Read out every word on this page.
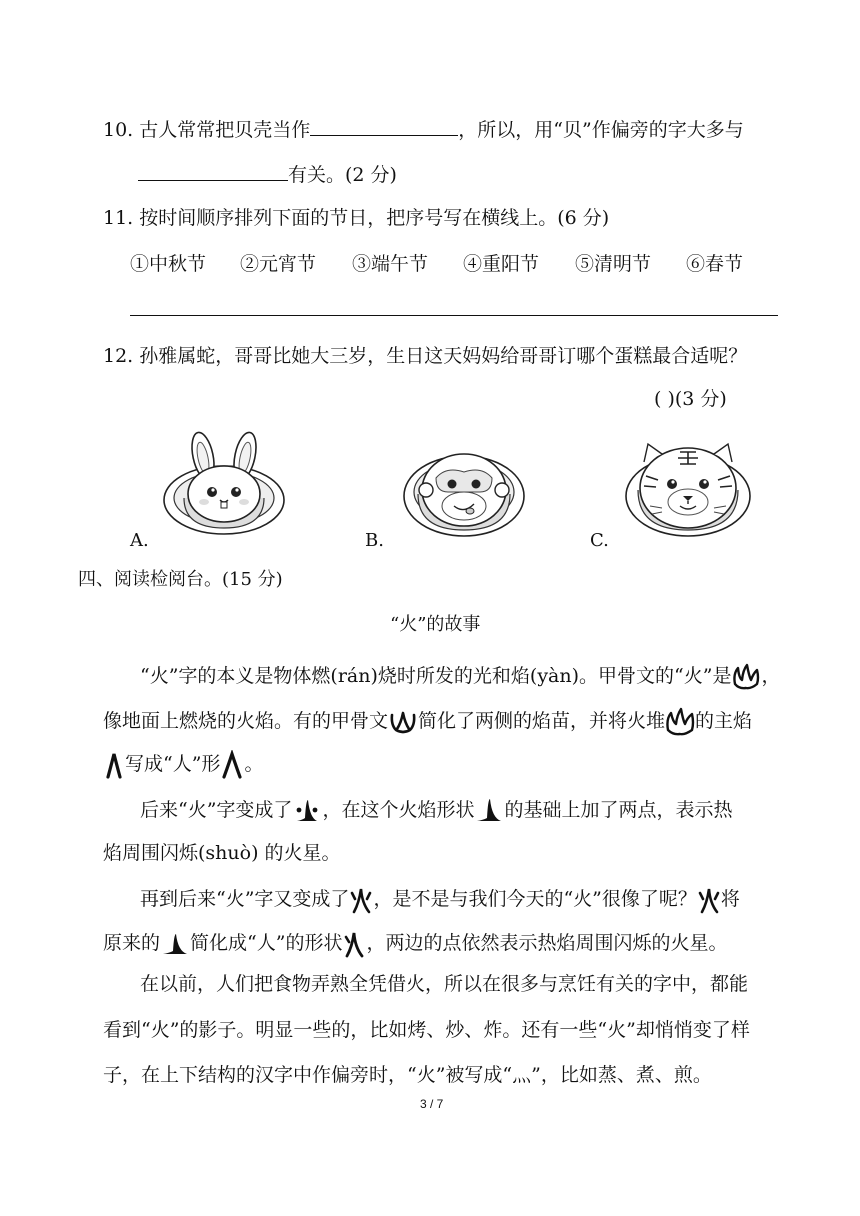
10. 古人常常把贝壳当作	，所以，用“贝”作偏旁的字大多与
有关。(2 分)
11. 按时间顺序排列下面的节日，把序号写在横线上。(6 分)
①中秋节 ②元宵节 ③端午节 ④重阳节 ⑤清明节 ⑥春节
12. 孙雅属蛇，哥哥比她大三岁，生日这天妈妈给哥哥订哪个蛋糕最合适呢？
( )(3 分)
A.	B.	C.
四、阅读检阅台。(15 分)
“火”的故事
“火”字的本义是物体燃(rán)烧时所发的光和焰(yàn)。甲骨文的“火”是 ，
像地面上燃烧的火焰。有的甲骨文 简化了两侧的焰苗，并将火堆 的主焰
写成“人”形 。
后来“火”字变成了 ，在这个火焰形状 的基础上加了两点，表示热
焰周围闪烁(shuò) 的火星。
再到后来“火”字又变成了 ，是不是与我们今天的“火”很像了呢？ 将
原来的 简化成“人”的形状 ，两边的点依然表示热焰周围闪烁的火星。
在以前，人们把食物弄熟全凭借火，所以在很多与烹饪有关的字中，都能
看到“火”的影子。明显一些的，比如烤、炒、炸。还有一些“火”却悄悄变了样
子，在上下结构的汉字中作偏旁时，“火”被写成“灬”，比如蒸、煮、煎。
3 / 7
